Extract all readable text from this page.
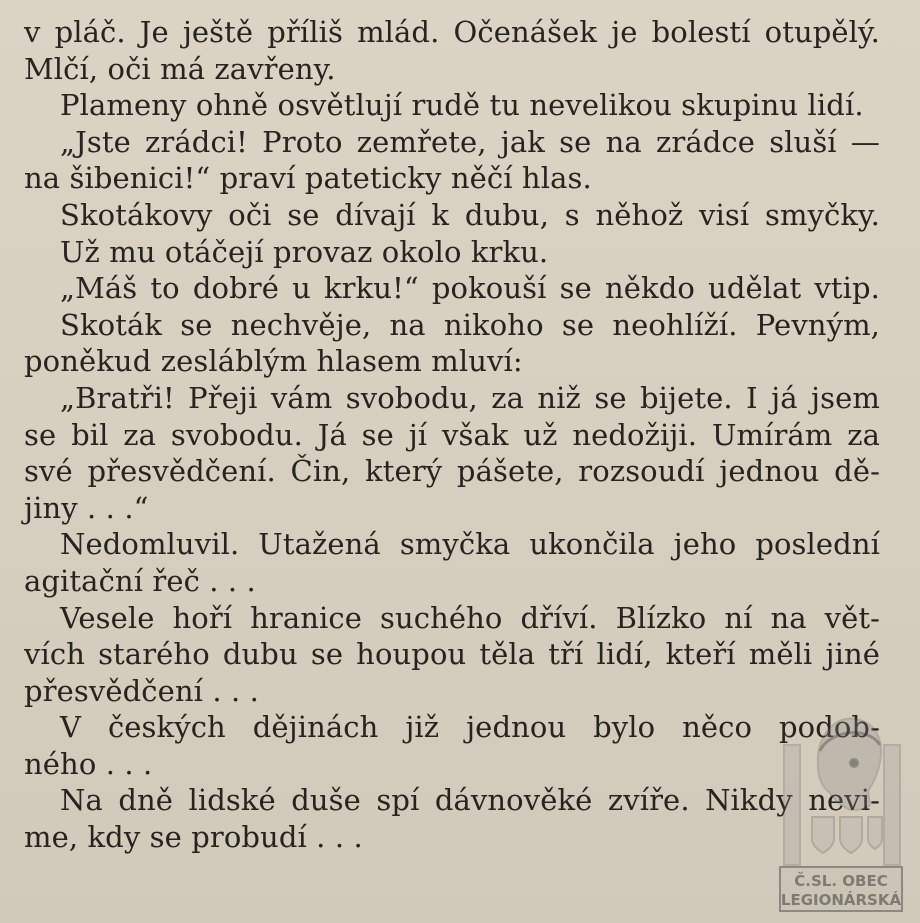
v pláč. Je ještě příliš mlád. Očenášek je bolestí otupělý.
Mlčí, oči má zavřeny.
Plameny ohně osvětlují rudě tu nevelikou skupinu lidí.
„Jste zrádci! Proto zemřete, jak se na zrádce sluší —
na šibenici!“ praví pateticky něčí hlas.
Skotákovy oči se dívají k dubu, s něhož visí smyčky.
Už mu otáčejí provaz okolo krku.
„Máš to dobré u krku!“ pokouší se někdo udělat vtip.
Skoták se nechvěje, na nikoho se neohlíží. Pevným,
poněkud zesláblým hlasem mluví:
„Bratři! Přeji vám svobodu, za niž se bijete. I já jsem
se bil za svobodu. Já se jí však už nedožiji. Umírám za
své přesvědčení. Čin, který pášete, rozsoudí jednou dě-
jiny . . .“
Nedomluvil. Utažená smyčka ukončila jeho poslední
agitační řeč . . .
Vesele hoří hranice suchého dříví. Blízko ní na vět-
vích starého dubu se houpou těla tří lidí, kteří měli jiné
přesvědčení . . .
V českých dějinách již jednou bylo něco podob-
ného . . .
Na dně lidské duše spí dávnověké zvíře. Nikdy nevi-
me, kdy se probudí . . .
Č.SL. OBEC
LEGIONÁRSKÁ
